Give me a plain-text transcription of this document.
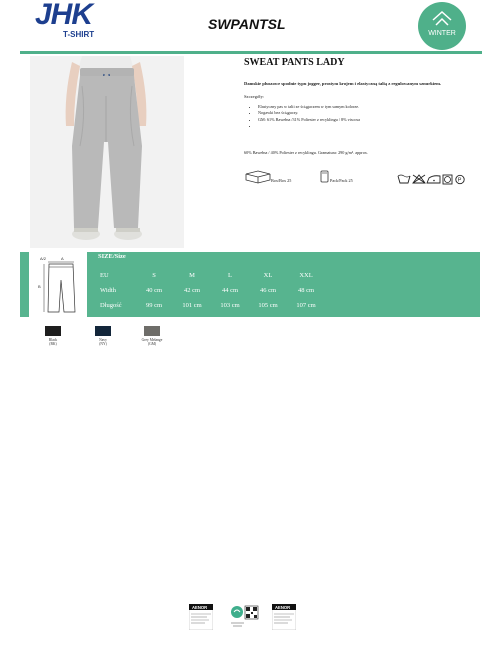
JHK
T-SHIRT
SWPANTSL
WINTER
SWEAT PANTS LADY
Damskie pluszowe spodnie typu jogger, prostym krojem i elastyczną talią z regulowanym sznurkiem.
Szczegóły:
• Elastyczny pas w talii ze ściągaczem w tym samym kolorze.
• Nogawki bez ściągaczy.
• GM: 61% Bawełna /31% Poliester z recyklingu / 8% viscosa
•
60% Bawełna / 40% Poliester z recyklingu. Gramatura: 290 g/m². approx.
Box/Box 25	Pack/Pack 25	P
A/2	A
B
SIZE/Size
EU	S	M	L	XL	XXL
Width	40 cm	42 cm	44 cm	46 cm	48 cm
Długość	99 cm	101 cm	103 cm	105 cm	107 cm
Black
(BK)
Navy
(NY)
Grey Melange
(GM)
AENOR	AENOR
